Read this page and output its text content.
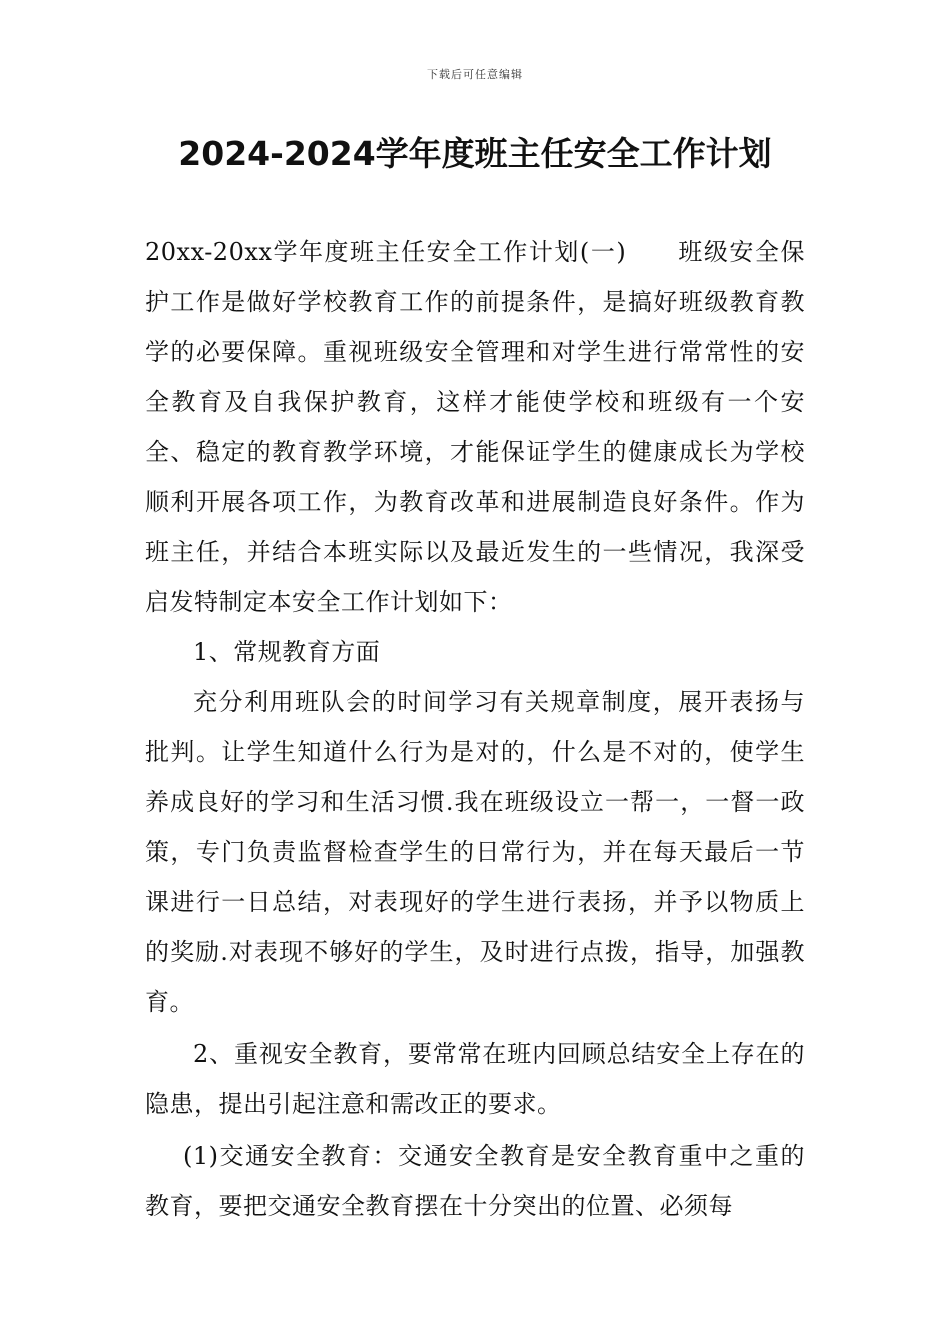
下载后可任意编辑
2024-2024学年度班主任安全工作计划

20xx-20xx学年度班主任安全工作计划(一)　　班级安全保护工作是做好学校教育工作的前提条件，是搞好班级教育教学的必要保障。重视班级安全管理和对学生进行常常性的安全教育及自我保护教育，这样才能使学校和班级有一个安全、稳定的教育教学环境，才能保证学生的健康成长为学校顺利开展各项工作，为教育改革和进展制造良好条件。作为班主任，并结合本班实际以及最近发生的一些情况，我深受启发特制定本安全工作计划如下：

1、常规教育方面

充分利用班队会的时间学习有关规章制度，展开表扬与批判。让学生知道什么行为是对的，什么是不对的，使学生养成良好的学习和生活习惯.我在班级设立一帮一，一督一政策，专门负责监督检查学生的日常行为，并在每天最后一节课进行一日总结，对表现好的学生进行表扬，并予以物质上的奖励.对表现不够好的学生，及时进行点拨，指导，加强教育。

2、重视安全教育，要常常在班内回顾总结安全上存在的隐患，提出引起注意和需改正的要求。

(1)交通安全教育：交通安全教育是安全教育重中之重的教育，要把交通安全教育摆在十分突出的位置、必须每
